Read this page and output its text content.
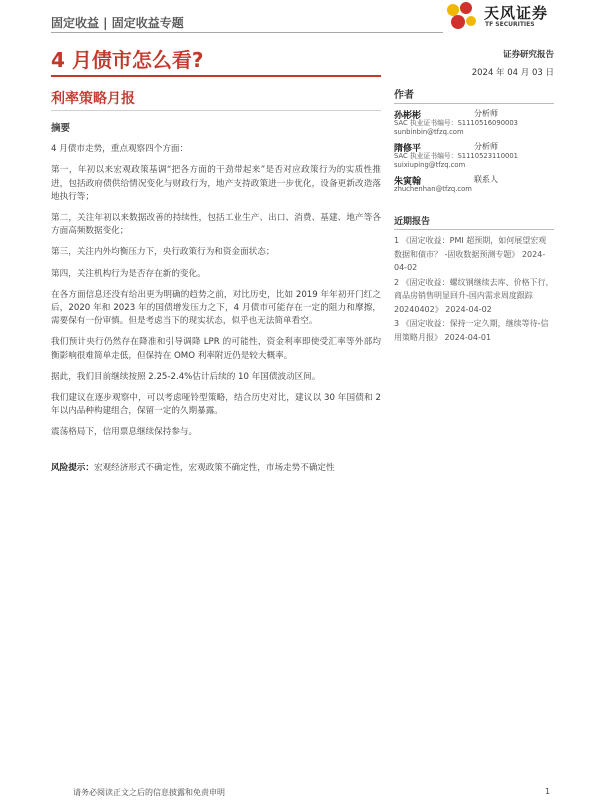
固定收益 | 固定收益专题
天风证券
TF SECURITIES
4 月债市怎么看?
利率策略月报
摘要

4 月债市走势，重点观察四个方面：

第一，年初以来宏观政策基调“把各方面的干劲带起来”是否对应政策行为的实质性推进，包括政府债供给情况变化与财政行为，地产支持政策进一步优化，设备更新改造落地执行等；

第二，关注年初以来数据改善的持续性，包括工业生产、出口、消费、基建、地产等各方面高频数据变化；

第三，关注内外均衡压力下，央行政策行为和资金面状态；

第四，关注机构行为是否存在新的变化。

在各方面信息还没有给出更为明确的趋势之前，对比历史，比如 2019 年年初开门红之后，2020 年和 2023 年的国债增发压力之下，4 月债市可能存在一定的阻力和摩擦，需要保有一份审慎。但是考虑当下的现实状态，似乎也无法简单看空。

我们预计央行仍然存在降准和引导调降 LPR 的可能性，资金利率即使受汇率等外部均衡影响很难简单走低，但保持在 OMO 利率附近仍是较大概率。

据此，我们目前继续按照 2.25-2.4%估计后续的 10 年国债波动区间。

我们建议在逐步观察中，可以考虑哑铃型策略，结合历史对比，建议以 30 年国债和 2 年以内品种构建组合，保留一定的久期暴露。

震荡格局下，信用票息继续保持参与。

风险提示：宏观经济形式不确定性，宏观政策不确定性，市场走势不确定性

证券研究报告
2024 年 04 月 03 日
作者
孙彬彬	分析师
SAC 执业证书编号：S1110516090003
sunbinbin@tfzq.com
隋修平	分析师
SAC 执业证书编号：S1110523110001
suixiuping@tfzq.com
朱寅翰	联系人
zhuchenhan@tfzq.com
近期报告
1 《固定收益：PMI 超预期，如何展望宏观数据和债市？ -固收数据预测专题》 2024-04-02
2 《固定收益：螺纹钢继续去库、价格下行，商品房销售明显回升-国内需求周度跟踪 20240402》 2024-04-02
3 《固定收益：保持一定久期，继续等待-信用策略月报》 2024-04-01
请务必阅读正文之后的信息披露和免责申明	1
